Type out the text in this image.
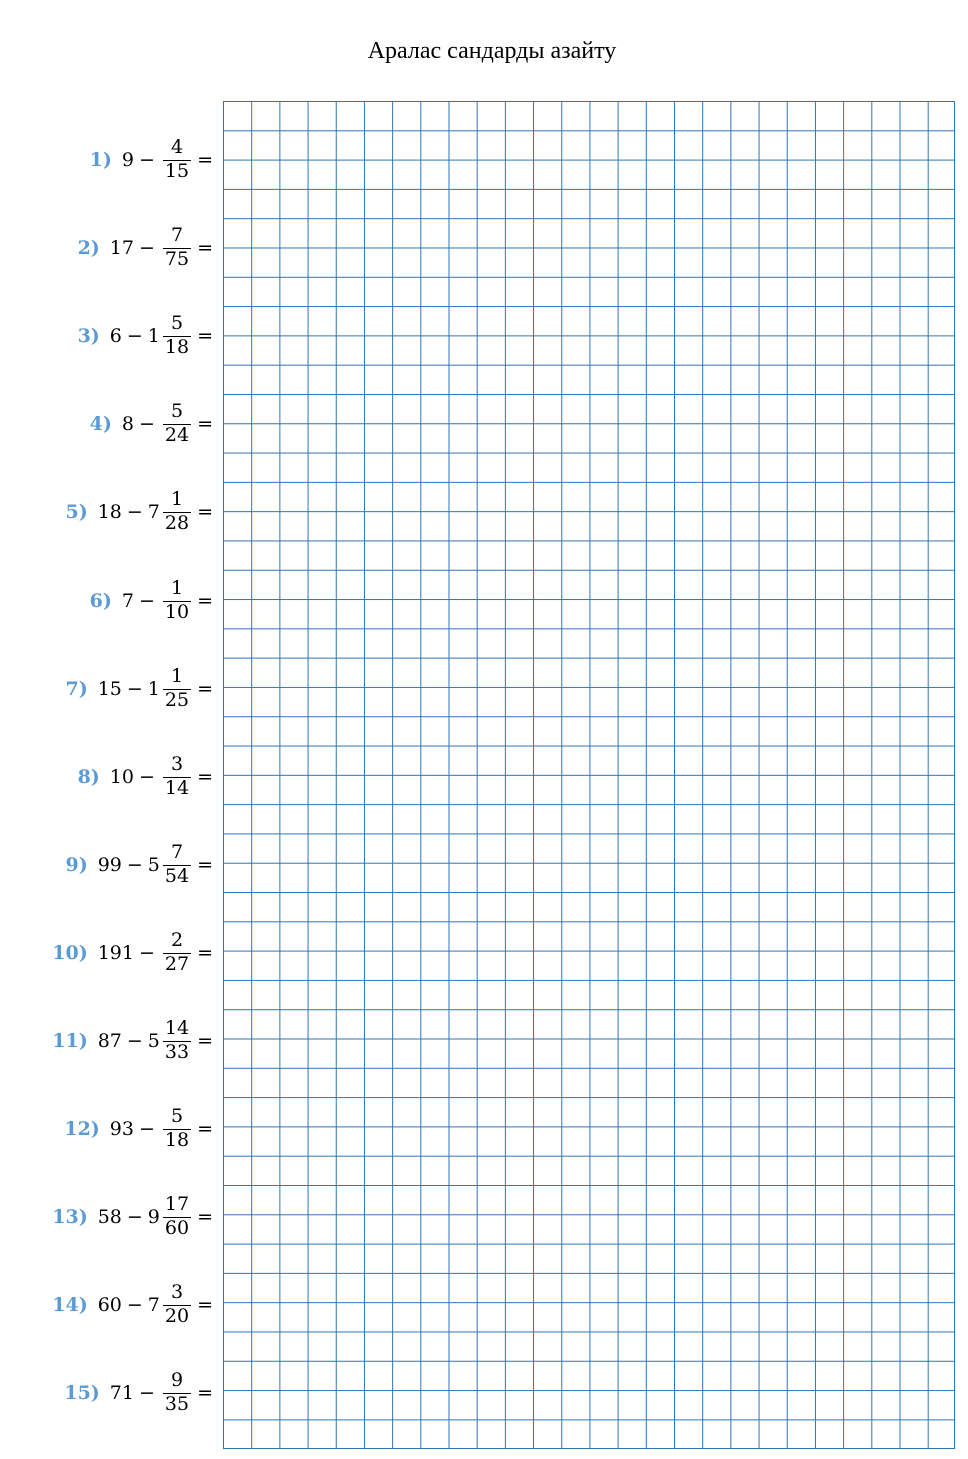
Аралас сандарды азайту
1) $9 - \frac{4}{15}$ =
2) $17 - \frac{7}{75}$ =
3) $6 - 1 \frac{5}{18}$ =
4) $8 - \frac{5}{24}$ =
5) $18 - 7 \frac{1}{28}$ =
6) $7 - \frac{1}{10}$ =
7) $15 - 1 \frac{1}{25}$ =
8) $10 - \frac{3}{14}$ =
9) $99 - 5 \frac{7}{54}$ =
10) $191 - \frac{2}{27}$ =
11) $87 - 5 \frac{14}{33}$ =
12) $93 - \frac{5}{18}$ =
13) $58 - 9 \frac{17}{60}$ =
14) $60 - 7 \frac{3}{20}$ =
15) $71 - \frac{9}{35}$ =
